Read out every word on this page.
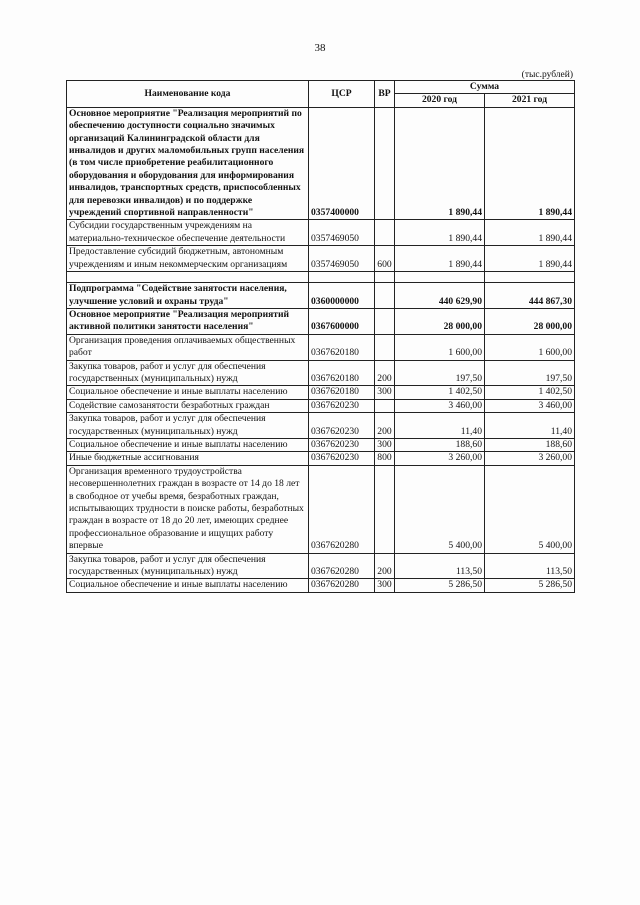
38
(тыс.рублей)
Наименование кода	ЦСР	ВР	Сумма	
			2020 год	2021 год
Основное мероприятие "Реализация мероприятий по обеспечению доступности социально значимых организаций Калининградской области для инвалидов и других маломобильных групп населения (в том числе приобретение реабилитационного оборудования и оборудования для информирования инвалидов, транспортных средств, приспособленных для перевозки инвалидов) и по поддержке учреждений спортивной направленности"	0357400000		1 890,44	1 890,44
Субсидии государственным учреждениям на материально-техническое обеспечение деятельности	0357469050		1 890,44	1 890,44
Предоставление субсидий бюджетным, автономным учреждениям и иным некоммерческим организациям	0357469050	600	1 890,44	1 890,44

Подпрограмма "Содействие занятости населения, улучшение условий и охраны труда"	0360000000		440 629,90	444 867,30
Основное мероприятие "Реализация мероприятий активной политики занятости населения"	0367600000		28 000,00	28 000,00
Организация проведения оплачиваемых общественных работ	0367620180		1 600,00	1 600,00
Закупка товаров, работ и услуг для обеспечения государственных (муниципальных) нужд	0367620180	200	197,50	197,50
Социальное обеспечение и иные выплаты населению	0367620180	300	1 402,50	1 402,50
Содействие самозанятости безработных граждан	0367620230		3 460,00	3 460,00
Закупка товаров, работ и услуг для обеспечения государственных (муниципальных) нужд	0367620230	200	11,40	11,40
Социальное обеспечение и иные выплаты населению	0367620230	300	188,60	188,60
Иные бюджетные ассигнования	0367620230	800	3 260,00	3 260,00
Организация временного трудоустройства несовершеннолетних граждан в возрасте от 14 до 18 лет в свободное от учебы время, безработных граждан, испытывающих трудности в поиске работы, безработных граждан в возрасте от 18 до 20 лет, имеющих среднее профессиональное образование и ищущих работу впервые	0367620280		5 400,00	5 400,00
Закупка товаров, работ и услуг для обеспечения государственных (муниципальных) нужд	0367620280	200	113,50	113,50
Социальное обеспечение и иные выплаты населению	0367620280	300	5 286,50	5 286,50
